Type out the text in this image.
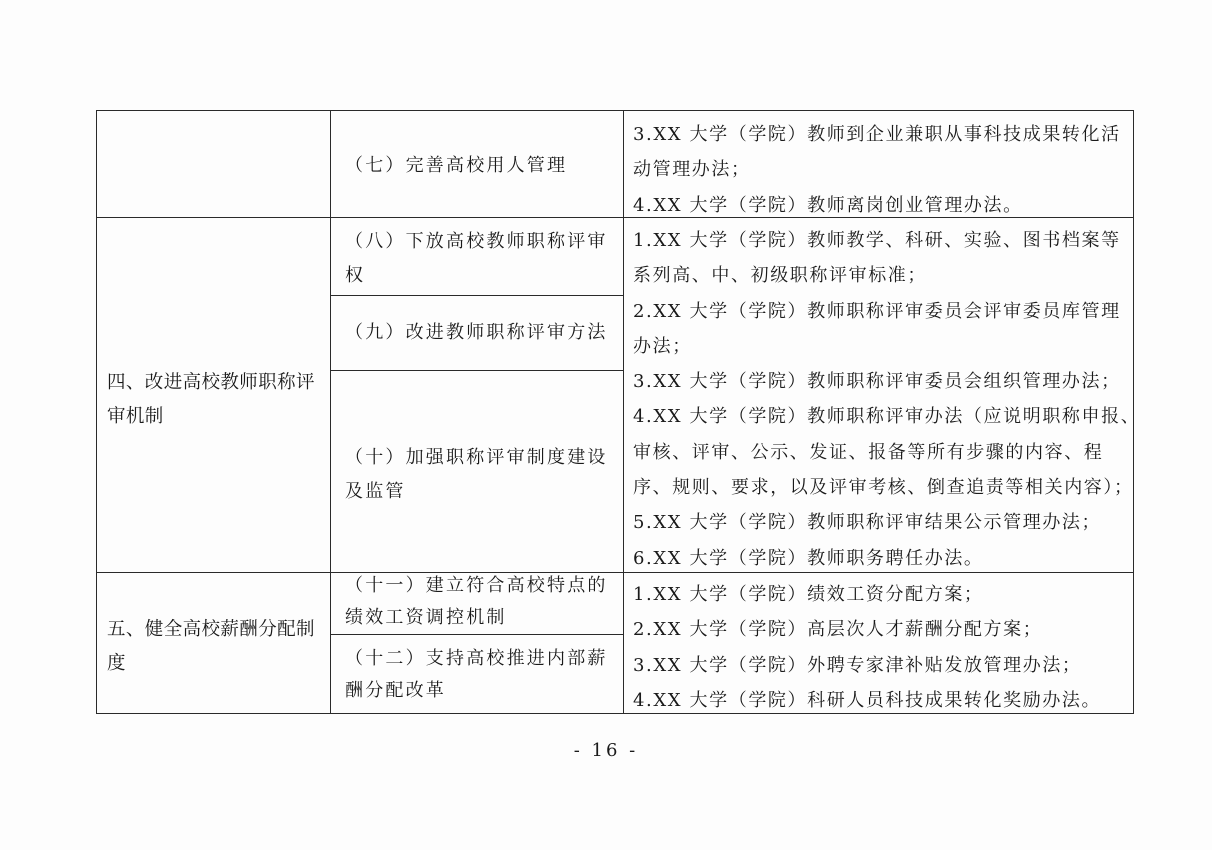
（七）完善高校用人管理

3.XX 大学（学院）教师到企业兼职从事科技成果转化活
动管理办法；
4.XX 大学（学院）教师离岗创业管理办法。
四、改进高校教师职称评
审机制
（八）下放高校教师职称评审
权
（九）改进教师职称评审方法
（十）加强职称评审制度建设
及监管
1.XX 大学（学院）教师教学、科研、实验、图书档案等
系列高、中、初级职称评审标准；
2.XX 大学（学院）教师职称评审委员会评审委员库管理
办法；
3.XX 大学（学院）教师职称评审委员会组织管理办法；
4.XX 大学（学院）教师职称评审办法（应说明职称申报、
审核、评审、公示、发证、报备等所有步骤的内容、程
序、规则、要求，以及评审考核、倒查追责等相关内容）；
5.XX 大学（学院）教师职称评审结果公示管理办法；
6.XX 大学（学院）教师职务聘任办法。
五、健全高校薪酬分配制
度
（十一）建立符合高校特点的
绩效工资调控机制
（十二）支持高校推进内部薪
酬分配改革
1.XX 大学（学院）绩效工资分配方案；
2.XX 大学（学院）高层次人才薪酬分配方案；
3.XX 大学（学院）外聘专家津补贴发放管理办法；
4.XX 大学（学院）科研人员科技成果转化奖励办法。
- 16 -
